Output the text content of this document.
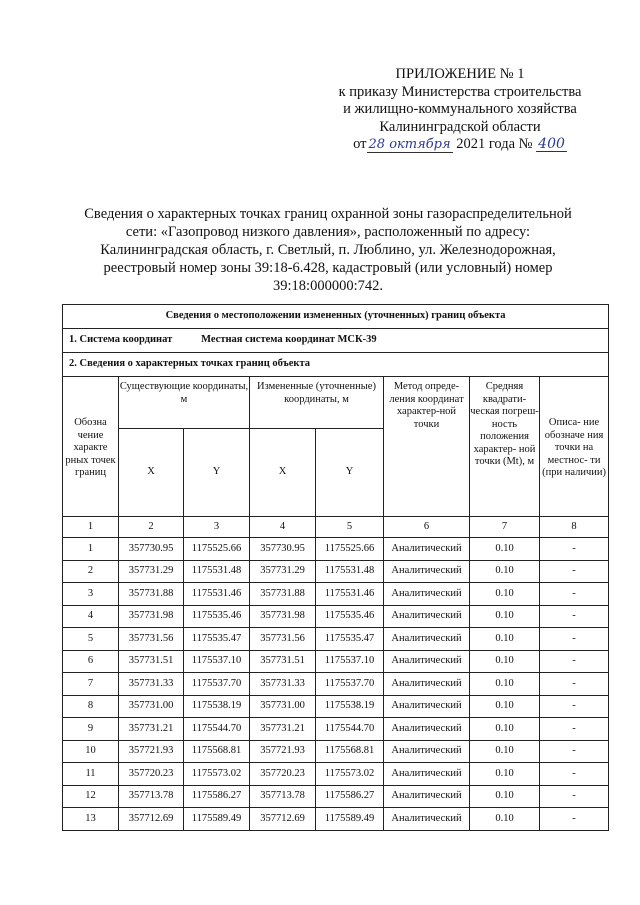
ПРИЛОЖЕНИЕ № 1
к приказу Министерства строительства
и жилищно-коммунального хозяйства
Калининградской области
от 28 октября 2021 года № 400
Сведения о характерных точках границ охранной зоны газораспределительной
сети: «Газопровод низкого давления», расположенный по адресу:
Калининградская область, г. Светлый, п. Люблино, ул. Железнодорожная,
реестровый номер зоны 39:18-6.428, кадастровый (или условный) номер
39:18:000000:742.
Сведения о местоположении измененных (уточненных) границ объекта							
1. Система координат Местная система координат МСК-39							
2. Сведения о характерных точках границ объекта							
Обозна чение характе рных точек границ	Существующие координаты, м		Измененные (уточненные) координаты, м		Метод опреде- ления координат характер-ной точки	Средняя квадрати- ческая погреш- ность положения характер- ной точки (Mt), м	Описа- ние обозначе ния точки на местнос- ти (при наличии)
	X	Y	X	Y			
1	2	3	4	5	6	7	8
1	357730.95	1175525.66	357730.95	1175525.66	Аналитический	0.10	-
2	357731.29	1175531.48	357731.29	1175531.48	Аналитический	0.10	-
3	357731.88	1175531.46	357731.88	1175531.46	Аналитический	0.10	-
4	357731.98	1175535.46	357731.98	1175535.46	Аналитический	0.10	-
5	357731.56	1175535.47	357731.56	1175535.47	Аналитический	0.10	-
6	357731.51	1175537.10	357731.51	1175537.10	Аналитический	0.10	-
7	357731.33	1175537.70	357731.33	1175537.70	Аналитический	0.10	-
8	357731.00	1175538.19	357731.00	1175538.19	Аналитический	0.10	-
9	357731.21	1175544.70	357731.21	1175544.70	Аналитический	0.10	-
10	357721.93	1175568.81	357721.93	1175568.81	Аналитический	0.10	-
11	357720.23	1175573.02	357720.23	1175573.02	Аналитический	0.10	-
12	357713.78	1175586.27	357713.78	1175586.27	Аналитический	0.10	-
13	357712.69	1175589.49	357712.69	1175589.49	Аналитический	0.10	-
